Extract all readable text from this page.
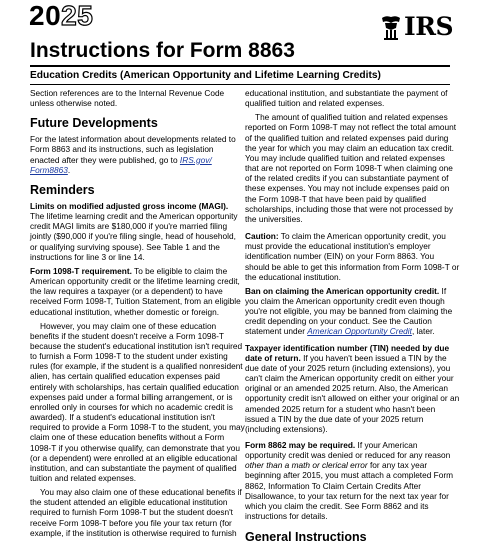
2025	IRS
Instructions for Form 8863
Education Credits (American Opportunity and Lifetime Learning Credits)

Section references are to the Internal Revenue Code
unless otherwise noted.

Future Developments

For the latest information about developments related to
Form 8863 and its instructions, such as legislation
enacted after they were published, go to IRS.gov/
Form8863.

Reminders

Limits on modified adjusted gross income (MAGI).
The lifetime learning credit and the American opportunity
credit MAGI limits are $180,000 if you're married filing
jointly ($90,000 if you're filing single, head of household,
or qualifying surviving spouse). See Table 1 and the
instructions for line 3 or line 14.

Form 1098-T requirement. To be eligible to claim the
American opportunity credit or the lifetime learning credit,
the law requires a taxpayer (or a dependent) to have
received Form 1098-T, Tuition Statement, from an eligible
educational institution, whether domestic or foreign.

However, you may claim one of these education
benefits if the student doesn't receive a Form 1098-T
because the student's educational institution isn't required
to furnish a Form 1098-T to the student under existing
rules (for example, if the student is a qualified nonresident
alien, has certain qualified education expenses paid
entirely with scholarships, has certain qualified education
expenses paid under a formal billing arrangement, or is
enrolled only in courses for which no academic credit is
awarded). If a student's educational institution isn't
required to provide a Form 1098-T to the student, you may
claim one of these education benefits without a Form
1098-T if you otherwise qualify, can demonstrate that you
(or a dependent) were enrolled at an eligible educational
institution, and can substantiate the payment of qualified
tuition and related expenses.

You may also claim one of these educational benefits if
the student attended an eligible educational institution
required to furnish Form 1098-T but the student doesn't
receive Form 1098-T before you file your tax return (for
example, if the institution is otherwise required to furnish

educational institution, and substantiate the payment of
qualified tuition and related expenses.

The amount of qualified tuition and related expenses
reported on Form 1098-T may not reflect the total amount
of the qualified tuition and related expenses paid during
the year for which you may claim an education tax credit.
You may include qualified tuition and related expenses
that are not reported on Form 1098-T when claiming one
of the related credits if you can substantiate payment of
these expenses. You may not include expenses paid on
the Form 1098-T that have been paid by qualified
scholarships, including those that were not processed by
the universities.

Caution: To claim the American opportunity credit, you
must provide the educational institution's employer
identification number (EIN) on your Form 8863. You
should be able to get this information from Form 1098-T or
the educational institution.

Ban on claiming the American opportunity credit. If
you claim the American opportunity credit even though
you're not eligible, you may be banned from claiming the
credit depending on your conduct. See the Caution
statement under American Opportunity Credit, later.

Taxpayer identification number (TIN) needed by due
date of return. If you haven't been issued a TIN by the
due date of your 2025 return (including extensions), you
can't claim the American opportunity credit on either your
original or an amended 2025 return. Also, the American
opportunity credit isn't allowed on either your original or an
amended 2025 return for a student who hasn't been
issued a TIN by the due date of your 2025 return
(including extensions).

Form 8862 may be required. If your American
opportunity credit was denied or reduced for any reason
other than a math or clerical error for any tax year
beginning after 2015, you must attach a completed Form
8862, Information To Claim Certain Credits After
Disallowance, to your tax return for the next tax year for
which you claim the credit. See Form 8862 and its
instructions for details.

General Instructions
